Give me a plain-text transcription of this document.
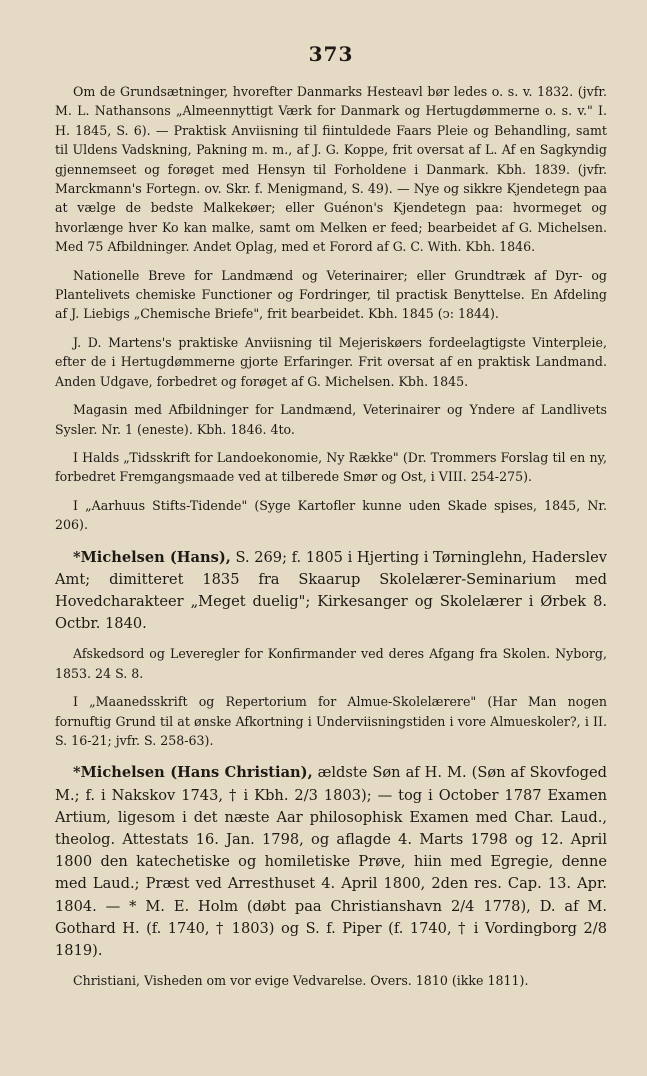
373

Om de Grundsætninger, hvorefter Danmarks Hesteavl bør ledes o. s. v. 1832. (jvfr. M. L. Nathansons „Almeennyttigt Værk for Danmark og Hertugdømmerne o. s. v." I. H. 1845, S. 6). — Praktisk Anviisning til fiintuldede Faars Pleie og Behandling, samt til Uldens Vadskning, Pakning m. m., af J. G. Koppe, frit oversat af L. Af en Sagkyndig gjennemseet og forøget med Hensyn til Forholdene i Danmark. Kbh. 1839. (jvfr. Marckmann's Fortegn. ov. Skr. f. Menigmand, S. 49). — Nye og sikkre Kjendetegn paa at vælge de bedste Malkekøer; eller Guénon's Kjendetegn paa: hvormeget og hvorlænge hver Ko kan malke, samt om Melken er feed; bearbeidet af G. Michelsen. Med 75 Afbildninger. Andet Oplag, med et Forord af G. C. With. Kbh. 1846.

Nationelle Breve for Landmænd og Veterinairer; eller Grundtræk af Dyr- og Plantelivets chemiske Functioner og Fordringer, til practisk Benyttelse. En Afdeling af J. Liebigs „Chemische Briefe", frit bearbeidet. Kbh. 1845 (ↄ: 1844).

J. D. Martens's praktiske Anviisning til Mejeriskøers fordeelagtigste Vinterpleie, efter de i Hertugdømmerne gjorte Erfaringer. Frit oversat af en praktisk Landmand. Anden Udgave, forbedret og forøget af G. Michelsen. Kbh. 1845.

Magasin med Afbildninger for Landmænd, Veterinairer og Yndere af Landlivets Sysler. Nr. 1 (eneste). Kbh. 1846. 4to.

I Halds „Tidsskrift for Landoekonomie, Ny Række" (Dr. Trommers Forslag til en ny, forbedret Fremgangsmaade ved at tilberede Smør og Ost, i VIII. 254-275).

I „Aarhuus Stifts-Tidende" (Syge Kartofler kunne uden Skade spises, 1845, Nr. 206).

*Michelsen (Hans), S. 269; f. 1805 i Hjerting i Tørninglehn, Haderslev Amt; dimitteret 1835 fra Skaarup Skolelærer-Seminarium med Hovedcharakteer „Meget duelig"; Kirkesanger og Skolelærer i Ørbek 8. Octbr. 1840.

Afskedsord og Leveregler for Konfirmander ved deres Afgang fra Skolen. Nyborg, 1853. 24 S. 8.

I „Maanedsskrift og Repertorium for Almue-Skolelærere" (Har Man nogen fornuftig Grund til at ønske Afkortning i Underviisningstiden i vore Almueskoler?, i II. S. 16-21; jvfr. S. 258-63).

*Michelsen (Hans Christian), ældste Søn af H. M. (Søn af Skovfoged M.; f. i Nakskov 1743, † i Kbh. 2/3 1803); — tog i October 1787 Examen Artium, ligesom i det næste Aar philosophisk Examen med Char. Laud., theolog. Attestats 16. Jan. 1798, og aflagde 4. Marts 1798 og 12. April 1800 den katechetiske og homiletiske Prøve, hiin med Egregie, denne med Laud.; Præst ved Arresthuset 4. April 1800, 2den res. Cap. 13. Apr. 1804. — * M. E. Holm (døbt paa Christianshavn 2/4 1778), D. af M. Gothard H. (f. 1740, † 1803) og S. f. Piper (f. 1740, † i Vordingborg 2/8 1819).

Christiani, Visheden om vor evige Vedvarelse. Overs. 1810 (ikke 1811).
